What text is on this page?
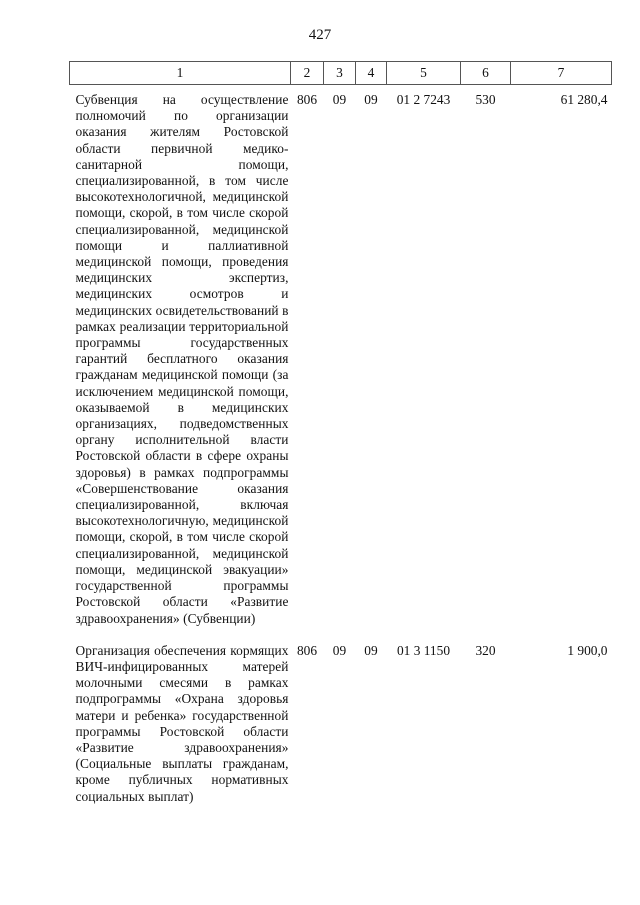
427
1	2	3	4	5	6	7
Субвенция на осуществление полномочий по организации оказания жителям Ростовской области первичной медико-санитарной помощи, специализированной, в том числе высокотехнологичной, медицинской помощи, скорой, в том числе скорой специализированной, медицинской помощи и паллиативной медицинской помощи, проведения медицинских экспертиз, медицинских осмотров и медицинских освидетельствований в рамках реализации территориальной программы государственных гарантий бесплатного оказания гражданам медицинской помощи (за исключением медицинской помощи, оказываемой в медицинских организациях, подведомственных органу исполнительной власти Ростовской области в сфере охраны здоровья) в рамках подпрограммы «Совершенствование оказания специализированной, включая высокотехнологичную, медицинской помощи, скорой, в том числе скорой специализированной, медицинской помощи, медицинской эвакуации» государственной программы Ростовской области «Развитие здравоохранения» (Субвенции)	806	09	09	01 2 7243	530	61 280,4
Организация обеспечения кормящих ВИЧ-инфицированных матерей молочными смесями в рамках подпрограммы «Охрана здоровья матери и ребенка» государственной программы Ростовской области «Развитие здравоохранения» (Социальные выплаты гражданам, кроме публичных нормативных социальных выплат)	806	09	09	01 3 1150	320	1 900,0
